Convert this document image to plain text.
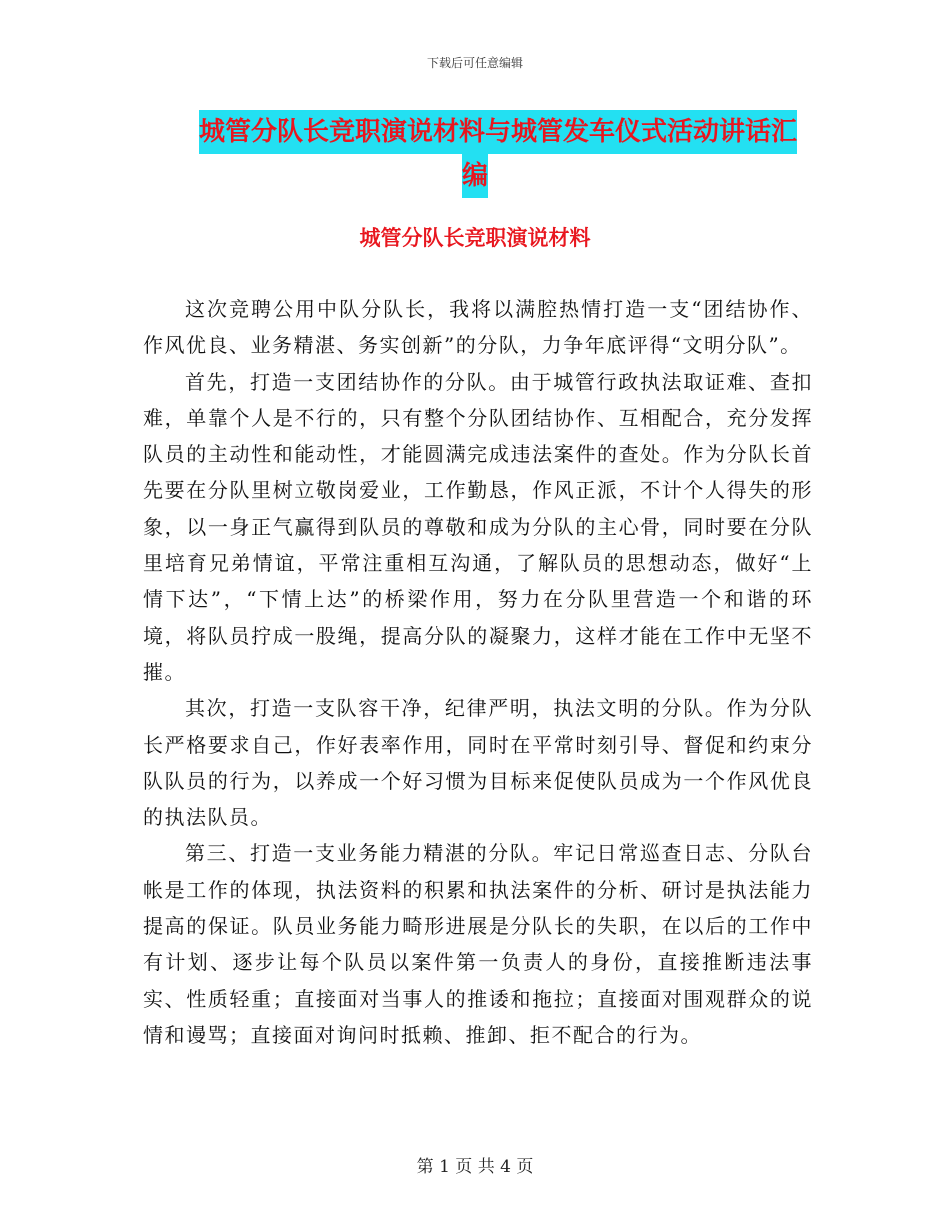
下载后可任意编辑
城管分队长竞职演说材料与城管发车仪式活动讲话汇
编
城管分队长竞职演说材料

这次竞聘公用中队分队长，我将以满腔热情打造一支“团结协作、作风优良、业务精湛、务实创新”的分队，力争年底评得“文明分队”。

首先，打造一支团结协作的分队。由于城管行政执法取证难、查扣难，单靠个人是不行的，只有整个分队团结协作、互相配合，充分发挥队员的主动性和能动性，才能圆满完成违法案件的查处。作为分队长首先要在分队里树立敬岗爱业，工作勤恳，作风正派，不计个人得失的形象，以一身正气赢得到队员的尊敬和成为分队的主心骨，同时要在分队里培育兄弟情谊，平常注重相互沟通，了解队员的思想动态，做好“上情下达”，“下情上达”的桥梁作用，努力在分队里营造一个和谐的环境，将队员拧成一股绳，提高分队的凝聚力，这样才能在工作中无坚不摧。

其次，打造一支队容干净，纪律严明，执法文明的分队。作为分队长严格要求自己，作好表率作用，同时在平常时刻引导、督促和约束分队队员的行为，以养成一个好习惯为目标来促使队员成为一个作风优良的执法队员。

第三、打造一支业务能力精湛的分队。牢记日常巡查日志、分队台帐是工作的体现，执法资料的积累和执法案件的分析、研讨是执法能力提高的保证。队员业务能力畸形进展是分队长的失职，在以后的工作中有计划、逐步让每个队员以案件第一负责人的身份，直接推断违法事实、性质轻重；直接面对当事人的推诿和拖拉；直接面对围观群众的说情和谩骂；直接面对询问时抵赖、推卸、拒不配合的行为。

第 1 页 共 4 页
